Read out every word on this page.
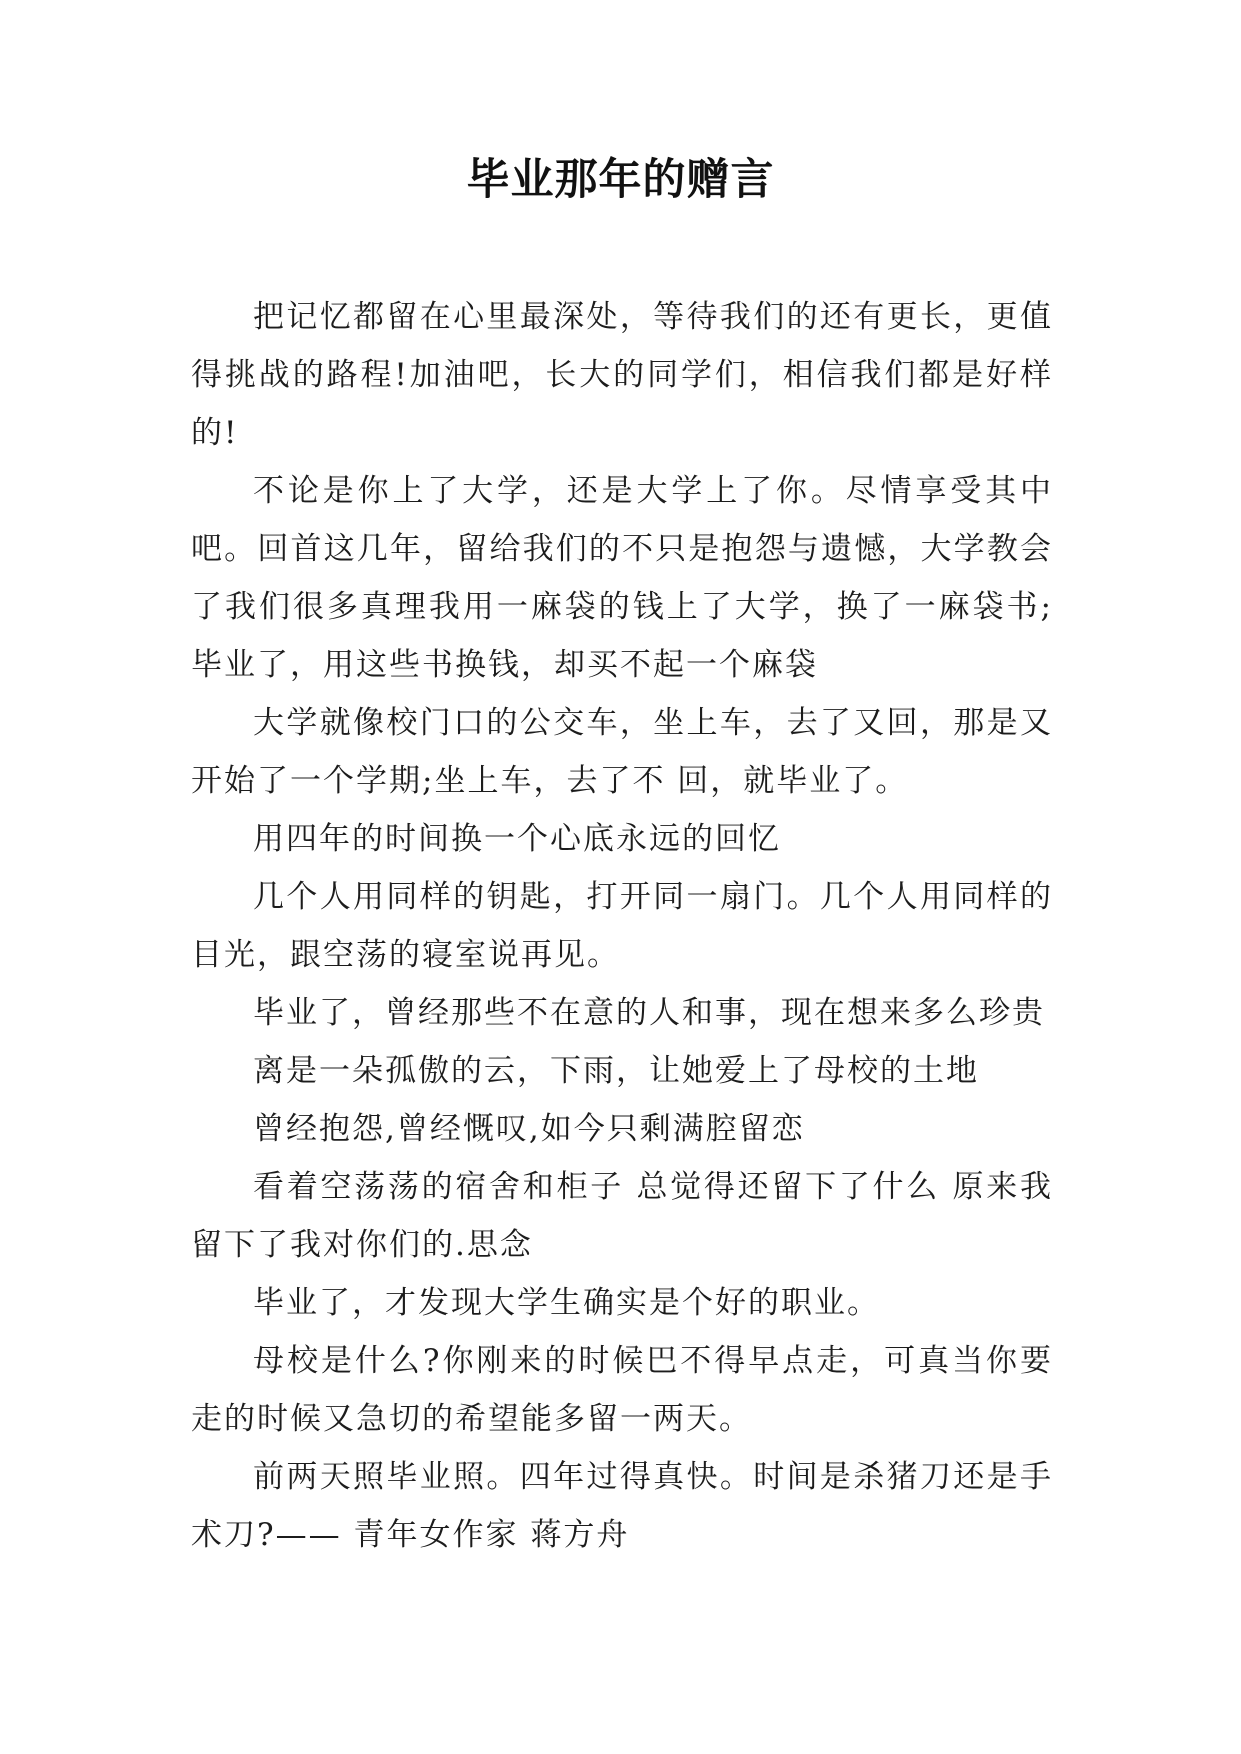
毕业那年的赠言

把记忆都留在心里最深处，等待我们的还有更长，更值得挑战的路程!加油吧，长大的同学们，相信我们都是好样的!

不论是你上了大学，还是大学上了你。尽情享受其中吧。回首这几年，留给我们的不只是抱怨与遗憾，大学教会了我们很多真理我用一麻袋的钱上了大学，换了一麻袋书;毕业了，用这些书换钱，却买不起一个麻袋

大学就像校门口的公交车，坐上车，去了又回，那是又开始了一个学期;坐上车，去了不 回，就毕业了。

用四年的时间换一个心底永远的回忆

几个人用同样的钥匙，打开同一扇门。几个人用同样的目光，跟空荡的寝室说再见。

毕业了，曾经那些不在意的人和事，现在想来多么珍贵

离是一朵孤傲的云，下雨，让她爱上了母校的土地

曾经抱怨,曾经慨叹,如今只剩满腔留恋

看着空荡荡的宿舍和柜子 总觉得还留下了什么 原来我留下了我对你们的.思念

毕业了，才发现大学生确实是个好的职业。

母校是什么?你刚来的时候巴不得早点走，可真当你要走的时候又急切的希望能多留一两天。

前两天照毕业照。四年过得真快。时间是杀猪刀还是手术刀?—— 青年女作家 蒋方舟
